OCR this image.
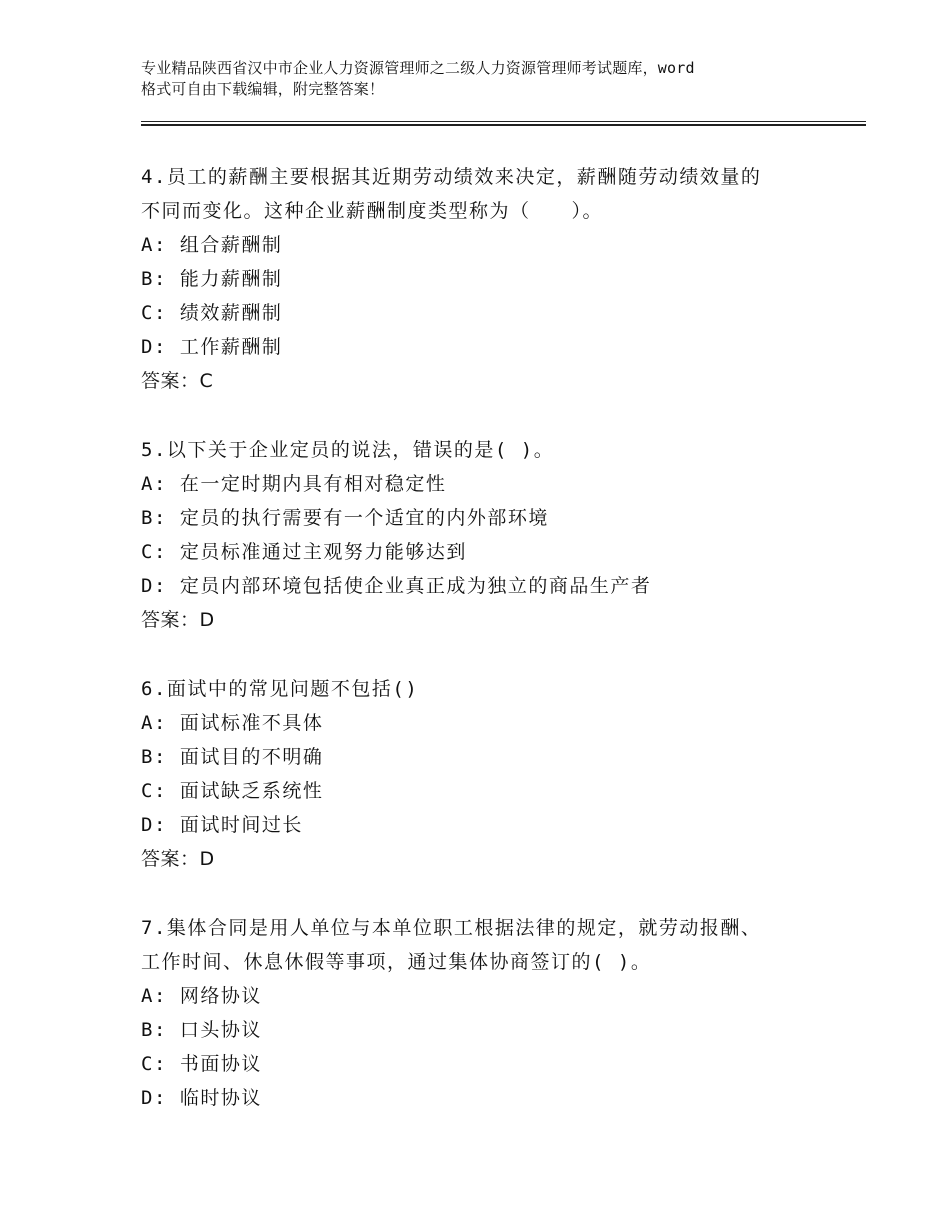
专业精品陕西省汉中市企业人力资源管理师之二级人力资源管理师考试题库，word
格式可自由下载编辑，附完整答案！

4.员工的薪酬主要根据其近期劳动绩效来决定，薪酬随劳动绩效量的

不同而变化。这种企业薪酬制度类型称为（　　）。

A: 组合薪酬制

B: 能力薪酬制

C: 绩效薪酬制

D: 工作薪酬制

答案：C

5.以下关于企业定员的说法，错误的是( )。

A: 在一定时期内具有相对稳定性

B: 定员的执行需要有一个适宜的内外部环境

C: 定员标准通过主观努力能够达到

D: 定员内部环境包括使企业真正成为独立的商品生产者

答案：D

6.面试中的常见问题不包括()

A: 面试标准不具体

B: 面试目的不明确

C: 面试缺乏系统性

D: 面试时间过长

答案：D

7.集体合同是用人单位与本单位职工根据法律的规定，就劳动报酬、

工作时间、休息休假等事项，通过集体协商签订的( )。

A: 网络协议

B: 口头协议

C: 书面协议

D: 临时协议
